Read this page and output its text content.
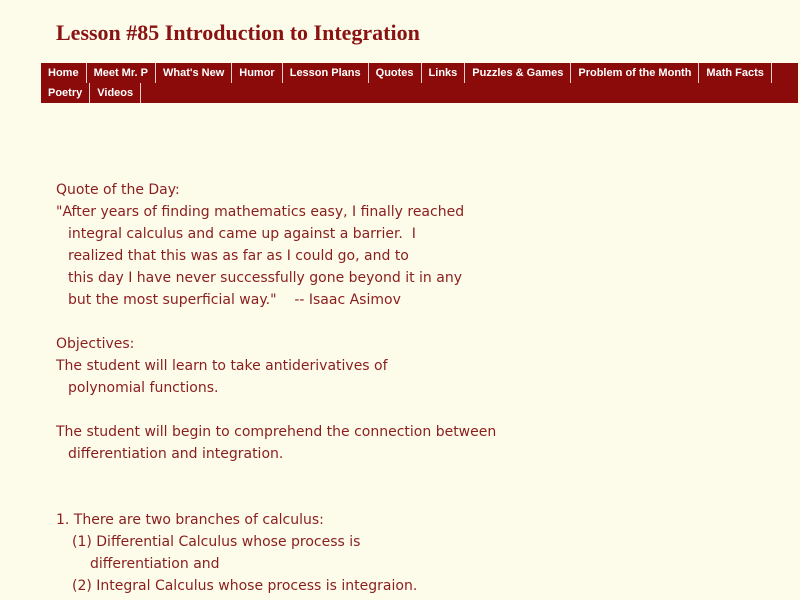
Lesson #85 Introduction to Integration
Home	Meet Mr. P	What's New	Humor	Lesson Plans	Quotes	Links	Puzzles & Games	Problem of the Month	Math Facts
Poetry	Videos
Quote of the Day:
"After years of finding mathematics easy, I finally reached
integral calculus and came up against a barrier.  I
realized that this was as far as I could go, and to
this day I have never successfully gone beyond it in any
but the most superficial way."    -- Isaac Asimov
Objectives:
The student will learn to take antiderivatives of
polynomial functions.
The student will begin to comprehend the connection between
differentiation and integration.
1. There are two branches of calculus:
(1) Differential Calculus whose process is
differentiation and
(2) Integral Calculus whose process is integraion.
